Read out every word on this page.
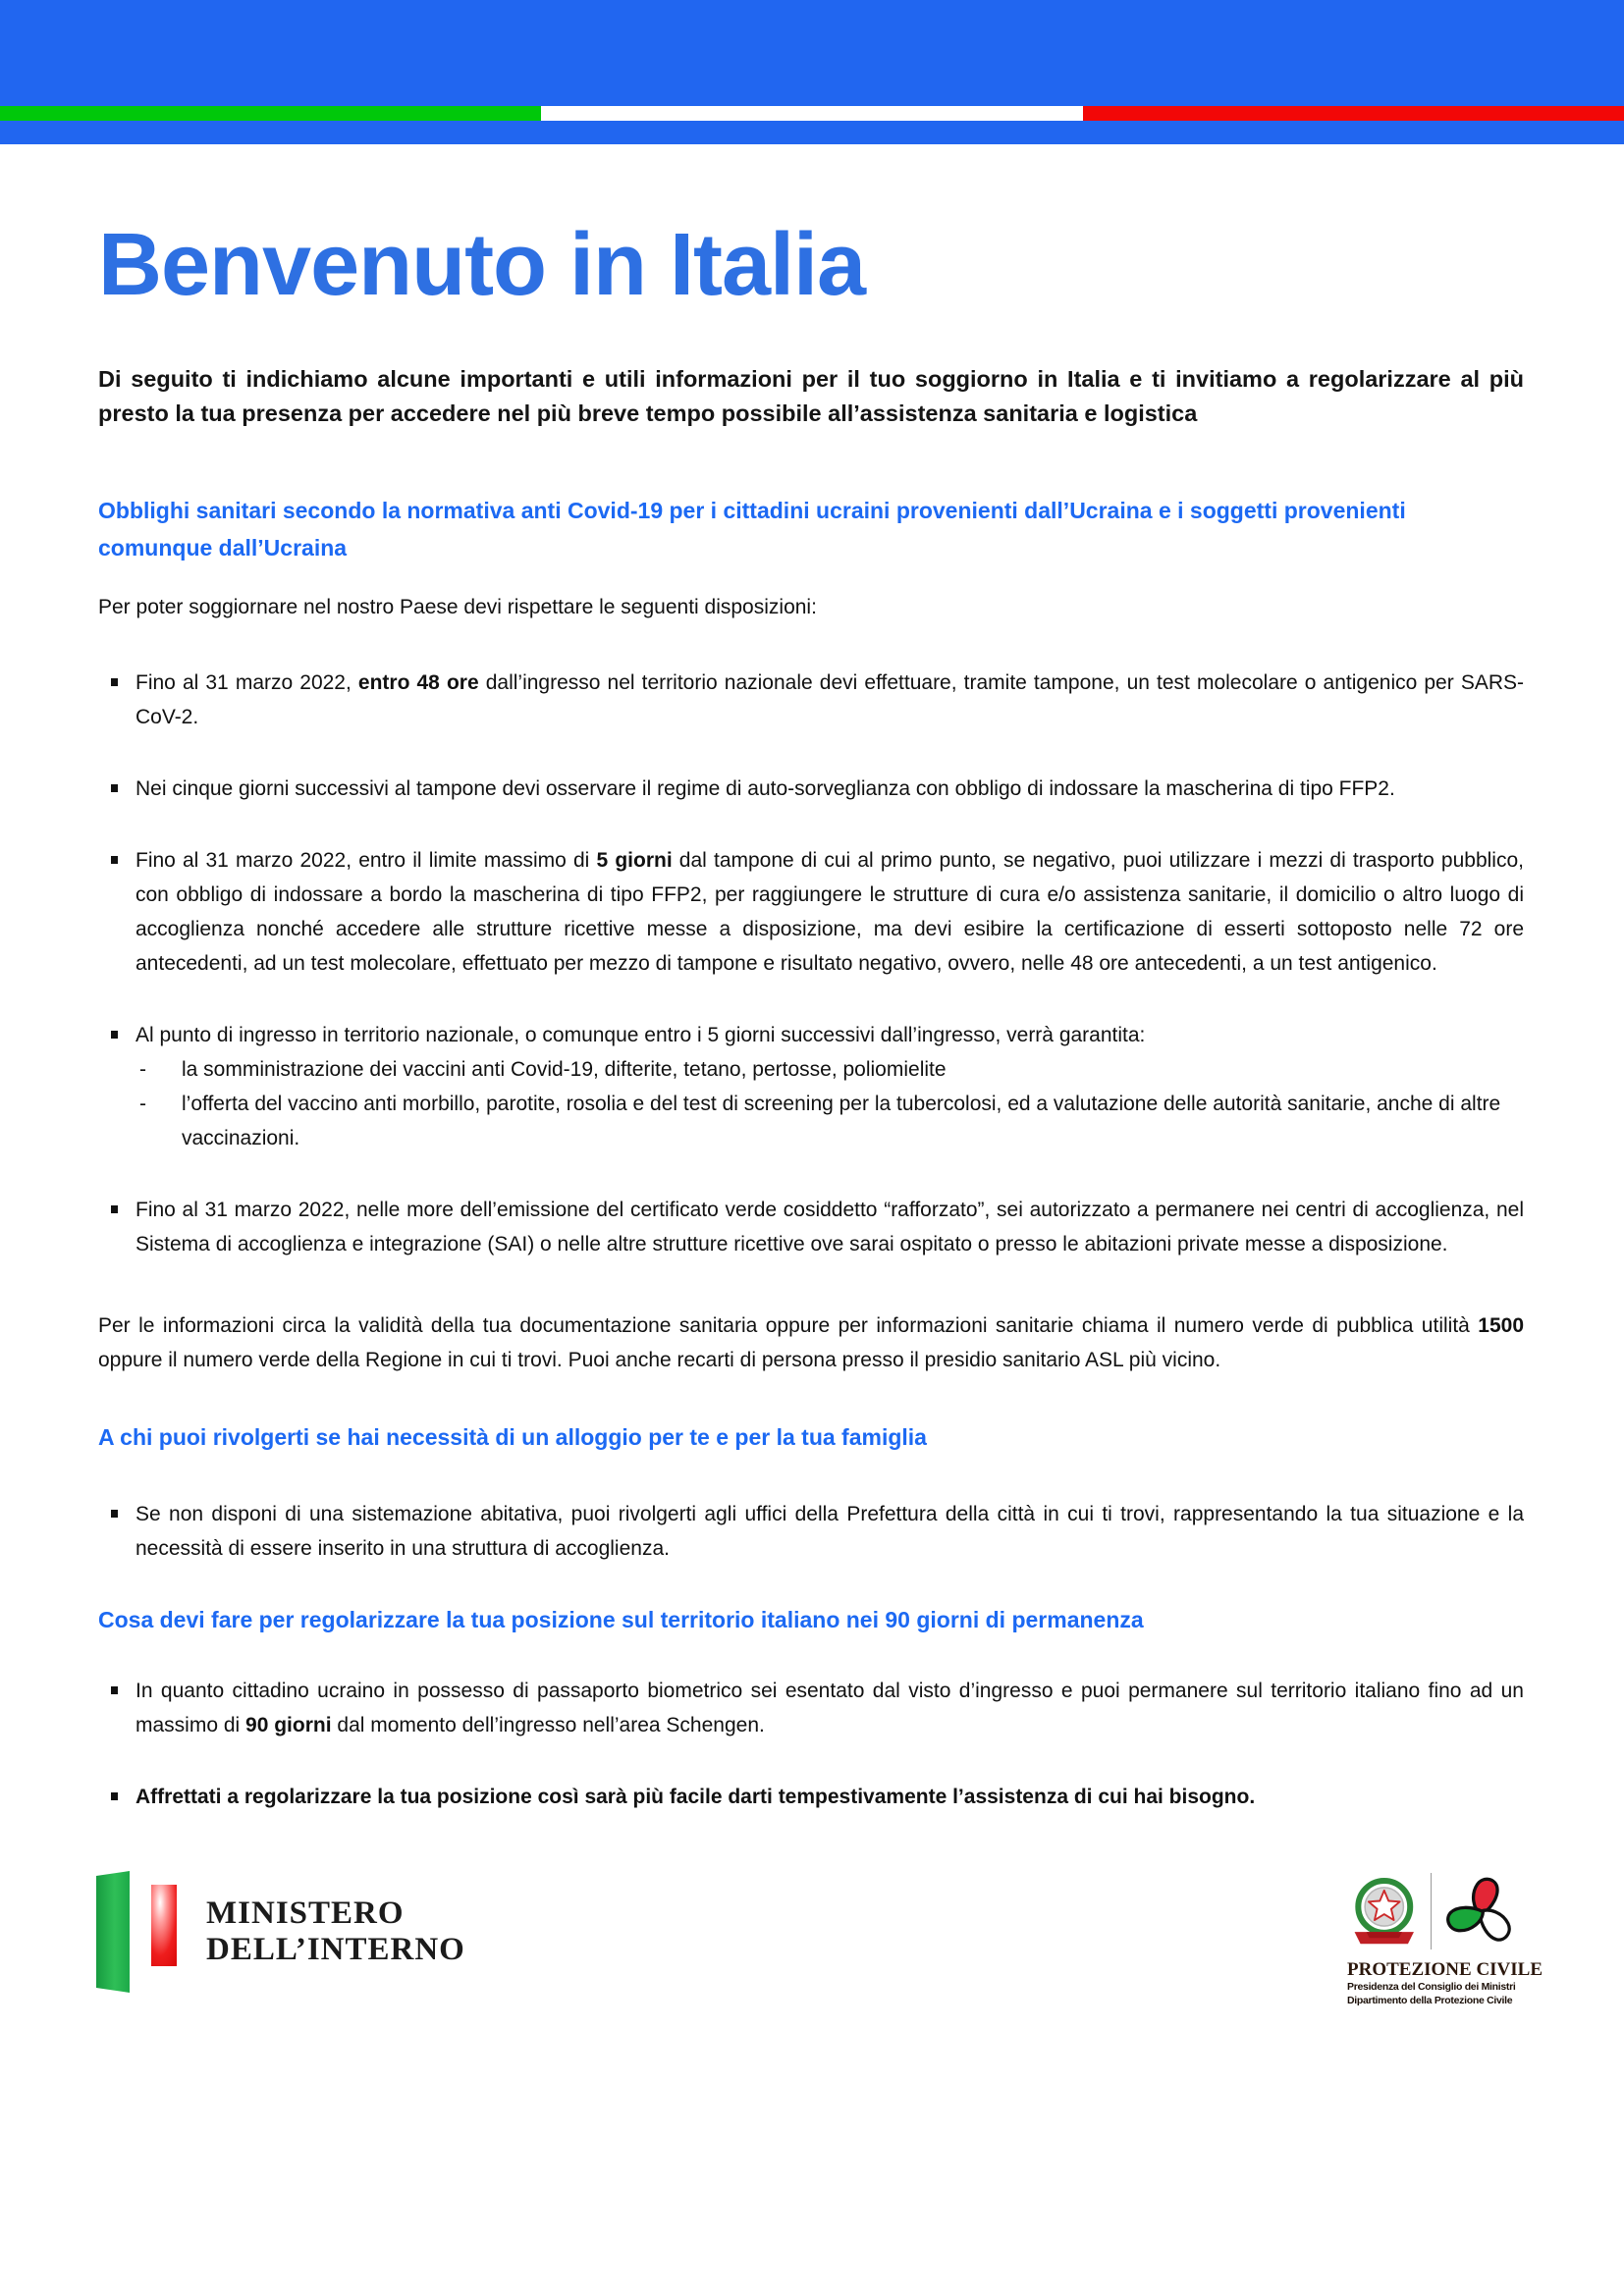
Benvenuto in Italia

Di seguito ti indichiamo alcune importanti e utili informazioni per il tuo soggiorno in Italia e ti invitiamo a regolarizzare al più presto la tua presenza per accedere nel più breve tempo possibile all’assistenza sanitaria e logistica

Obblighi sanitari secondo la normativa anti Covid-19 per i cittadini ucraini provenienti dall’Ucraina e i soggetti provenienti comunque dall’Ucraina

Per poter soggiornare nel nostro Paese devi rispettare le seguenti disposizioni:

Fino al 31 marzo 2022, entro 48 ore dall’ingresso nel territorio nazionale devi effettuare, tramite tampone, un test molecolare o antigenico per SARS-CoV-2.
Nei cinque giorni successivi al tampone devi osservare il regime di auto-sorveglianza con obbligo di indossare la mascherina di tipo FFP2.
Fino al 31 marzo 2022, entro il limite massimo di 5 giorni dal tampone di cui al primo punto, se negativo, puoi utilizzare i mezzi di trasporto pubblico, con obbligo di indossare a bordo la mascherina di tipo FFP2, per raggiungere le strutture di cura e/o assistenza sanitarie, il domicilio o altro luogo di accoglienza nonché accedere alle strutture ricettive messe a disposizione, ma devi esibire la certificazione di esserti sottoposto nelle 72 ore antecedenti, ad un test molecolare, effettuato per mezzo di tampone e risultato negativo, ovvero, nelle 48 ore antecedenti, a un test antigenico.
Al punto di ingresso in territorio nazionale, o comunque entro i 5 giorni successivi dall’ingresso, verrà garantita:
- la somministrazione dei vaccini anti Covid-19, difterite, tetano, pertosse, poliomielite
- l’offerta del vaccino anti morbillo, parotite, rosolia e del test di screening per la tubercolosi, ed a valutazione delle autorità sanitarie, anche di altre vaccinazioni.
Fino al 31 marzo 2022, nelle more dell’emissione del certificato verde cosiddetto “rafforzato”, sei autorizzato a permanere nei centri di accoglienza, nel Sistema di accoglienza e integrazione (SAI) o nelle altre strutture ricettive ove sarai ospitato o presso le abitazioni private messe a disposizione.

Per le informazioni circa la validità della tua documentazione sanitaria oppure per informazioni sanitarie chiama il numero verde di pubblica utilità 1500 oppure il numero verde della Regione in cui ti trovi. Puoi anche recarti di persona presso il presidio sanitario ASL più vicino.

A chi puoi rivolgerti se hai necessità di un alloggio per te e per la tua famiglia
Se non disponi di una sistemazione abitativa, puoi rivolgerti agli uffici della Prefettura della città in cui ti trovi, rappresentando la tua situazione e la necessità di essere inserito in una struttura di accoglienza.
Cosa devi fare per regolarizzare la tua posizione sul territorio italiano nei 90 giorni di permanenza
In quanto cittadino ucraino in possesso di passaporto biometrico sei esentato dal visto d’ingresso e puoi permanere sul territorio italiano fino ad un massimo di 90 giorni dal momento dell’ingresso nell’area Schengen.
Affrettati a regolarizzare la tua posizione così sarà più facile darti tempestivamente l’assistenza di cui hai bisogno.
MINISTERO
DELL’INTERNO
PROTEZIONE CIVILE
Presidenza del Consiglio dei Ministri
Dipartimento della Protezione Civile
